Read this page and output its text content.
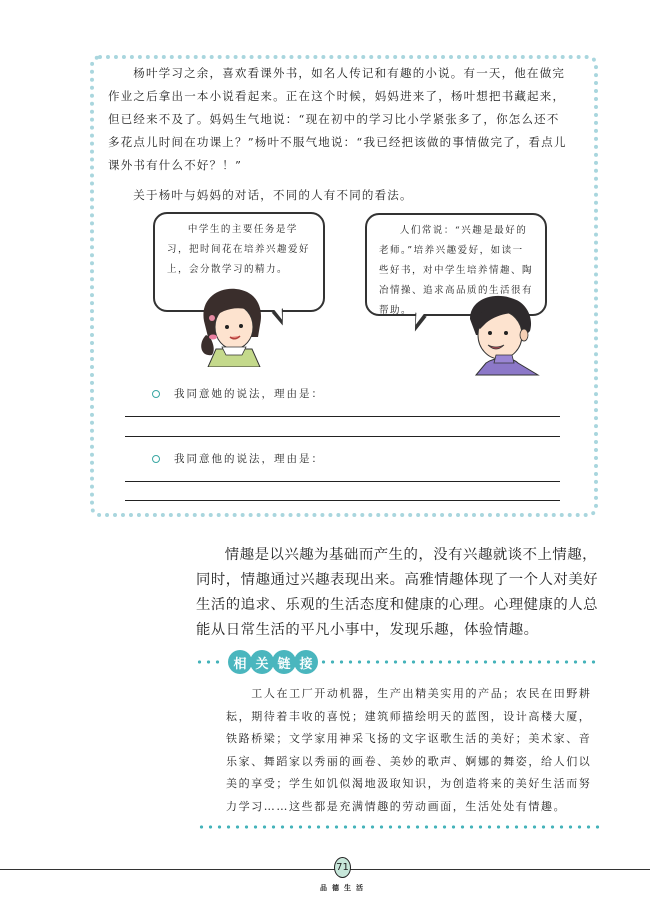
杨叶学习之余，喜欢看课外书，如名人传记和有趣的小说。有一天，他在做完作业之后拿出一本小说看起来。正在这个时候，妈妈进来了，杨叶想把书藏起来，但已经来不及了。妈妈生气地说：“现在初中的学习比小学紧张多了，你怎么还不多花点儿时间在功课上？”杨叶不服气地说：“我已经把该做的事情做完了，看点儿课外书有什么不好？！”

关于杨叶与妈妈的对话，不同的人有不同的看法。
中学生的主要任务是学习，把时间花在培养兴趣爱好上，会分散学习的精力。
人们常说：“兴趣是最好的老师。”培养兴趣爱好，如读一些好书，对中学生培养情趣、陶冶情操、追求高品质的生活很有帮助。
我同意她的说法，理由是：
我同意他的说法，理由是：

情趣是以兴趣为基础而产生的，没有兴趣就谈不上情趣，同时，情趣通过兴趣表现出来。高雅情趣体现了一个人对美好生活的追求、乐观的生活态度和健康的心理。心理健康的人总能从日常生活的平凡小事中，发现乐趣，体验情趣。

相 关 链 接

工人在工厂开动机器，生产出精美实用的产品；农民在田野耕耘，期待着丰收的喜悦；建筑师描绘明天的蓝图，设计高楼大厦，铁路桥梁；文学家用神采飞扬的文字讴歌生活的美好；美术家、音乐家、舞蹈家以秀丽的画卷、美妙的歌声、婀娜的舞姿，给人们以美的享受；学生如饥似渴地汲取知识，为创造将来的美好生活而努力学习……这些都是充满情趣的劳动画面，生活处处有情趣。

71
品德生活
